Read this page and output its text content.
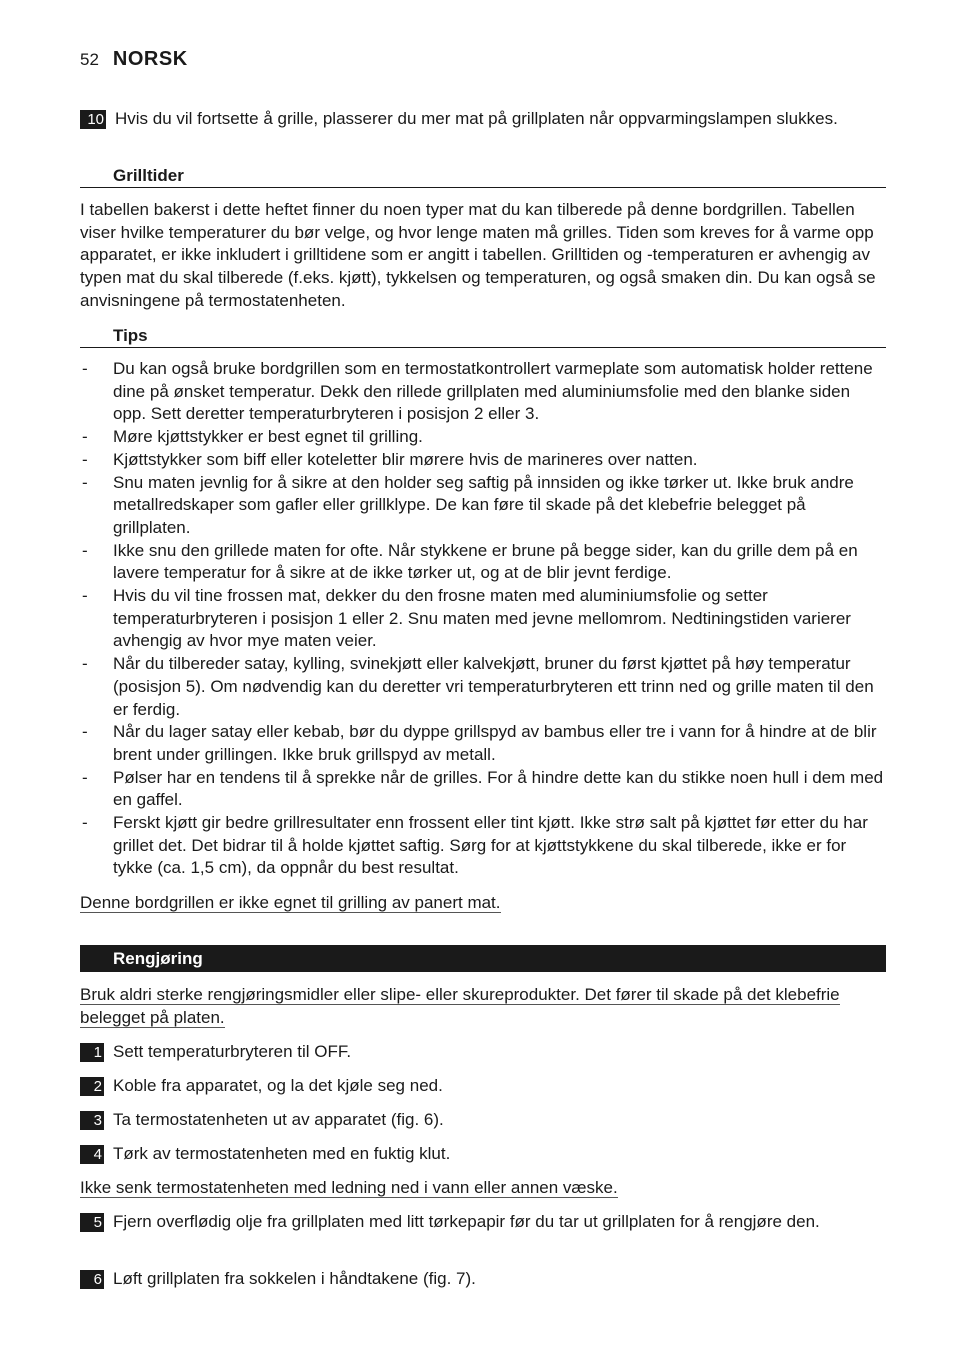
52 NORSK
10 Hvis du vil fortsette å grille, plasserer du mer mat på grillplaten når oppvarmingslampen slukkes.
Grilltider
I tabellen bakerst i dette heftet finner du noen typer mat du kan tilberede på denne bordgrillen. Tabellen viser hvilke temperaturer du bør velge, og hvor lenge maten må grilles. Tiden som kreves for å varme opp apparatet, er ikke inkludert i grilltidene som er angitt i tabellen. Grilltiden og -temperaturen er avhengig av typen mat du skal tilberede (f.eks. kjøtt), tykkelsen og temperaturen, og også smaken din. Du kan også se anvisningene på termostatenheten.
Tips
- Du kan også bruke bordgrillen som en termostatkontrollert varmeplate som automatisk holder rettene dine på ønsket temperatur. Dekk den rillede grillplaten med aluminiumsfolie med den blanke siden opp. Sett deretter temperaturbryteren i posisjon 2 eller 3.
- Møre kjøttstykker er best egnet til grilling.
- Kjøttstykker som biff eller koteletter blir mørere hvis de marineres over natten.
- Snu maten jevnlig for å sikre at den holder seg saftig på innsiden og ikke tørker ut. Ikke bruk andre metallredskaper som gafler eller grillklype. De kan føre til skade på det klebefrie belegget på grillplaten.
- Ikke snu den grillede maten for ofte. Når stykkene er brune på begge sider, kan du grille dem på en lavere temperatur for å sikre at de ikke tørker ut, og at de blir jevnt ferdige.
- Hvis du vil tine frossen mat, dekker du den frosne maten med aluminiumsfolie og setter temperaturbryteren i posisjon 1 eller 2. Snu maten med jevne mellomrom. Nedtiningstiden varierer avhengig av hvor mye maten veier.
- Når du tilbereder satay, kylling, svinekjøtt eller kalvekjøtt, bruner du først kjøttet på høy temperatur (posisjon 5). Om nødvendig kan du deretter vri temperaturbryteren ett trinn ned og grille maten til den er ferdig.
- Når du lager satay eller kebab, bør du dyppe grillspyd av bambus eller tre i vann for å hindre at de blir brent under grillingen. Ikke bruk grillspyd av metall.
- Pølser har en tendens til å sprekke når de grilles. For å hindre dette kan du stikke noen hull i dem med en gaffel.
- Ferskt kjøtt gir bedre grillresultater enn frossent eller tint kjøtt. Ikke strø salt på kjøttet før etter du har grillet det. Det bidrar til å holde kjøttet saftig. Sørg for at kjøttstykkene du skal tilberede, ikke er for tykke (ca. 1,5 cm), da oppnår du best resultat.
Denne bordgrillen er ikke egnet til grilling av panert mat.
Rengjøring
Bruk aldri sterke rengjøringsmidler eller slipe- eller skureprodukter. Det fører til skade på det klebefrie belegget på platen.
1 Sett temperaturbryteren til OFF.
2 Koble fra apparatet, og la det kjøle seg ned.
3 Ta termostatenheten ut av apparatet (fig. 6).
4 Tørk av termostatenheten med en fuktig klut.
Ikke senk termostatenheten med ledning ned i vann eller annen væske.
5 Fjern overflødig olje fra grillplaten med litt tørkepapir før du tar ut grillplaten for å rengjøre den.
6 Løft grillplaten fra sokkelen i håndtakene (fig. 7).
